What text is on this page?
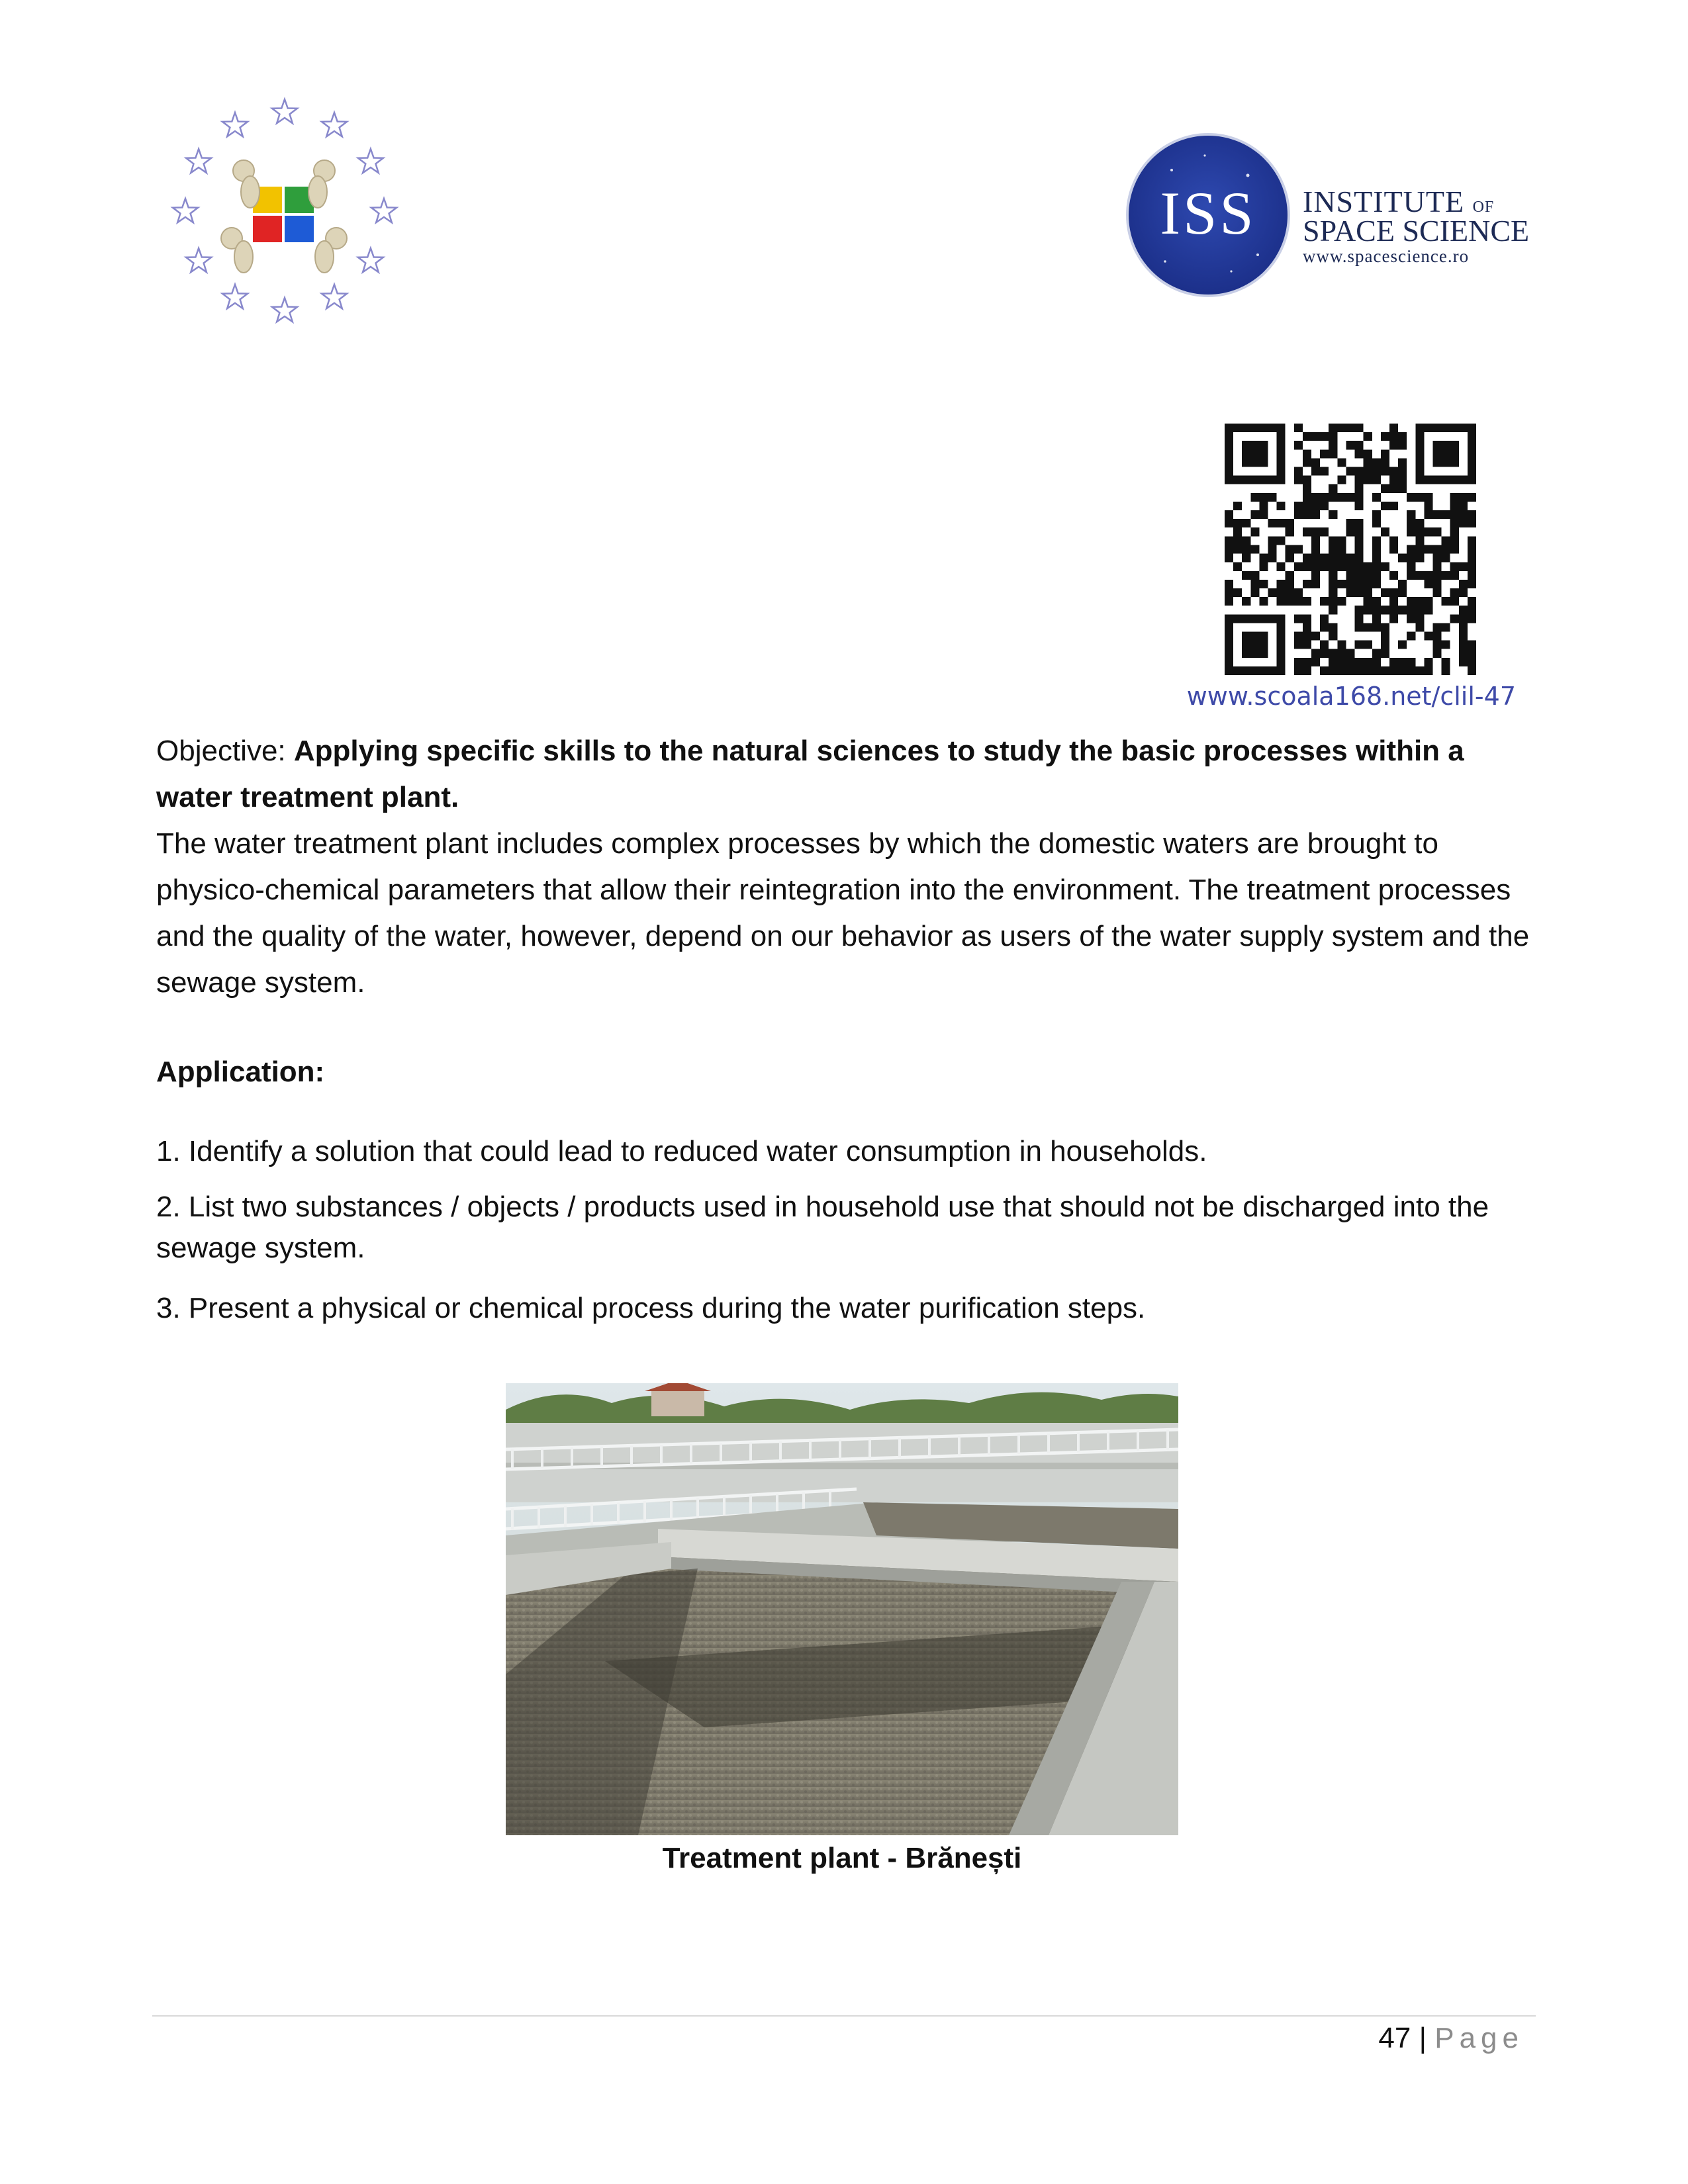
ISS INSTITUTE OF
SPACE SCIENCE
www.spacescience.ro
www.scoala168.net/clil-47
Objective: Applying specific skills to the natural sciences to study the basic processes within a water treatment plant.
The water treatment plant includes complex processes by which the domestic waters are brought to physico-chemical parameters that allow their reintegration into the environment. The treatment processes and the quality of the water, however, depend on our behavior as users of the water supply system and the sewage system.
Application:
1. Identify a solution that could lead to reduced water consumption in households.
2. List two substances / objects / products used in household use that should not be discharged into the sewage system.
3. Present a physical or chemical process during the water purification steps.
Treatment plant - Brănești
47 | Page
